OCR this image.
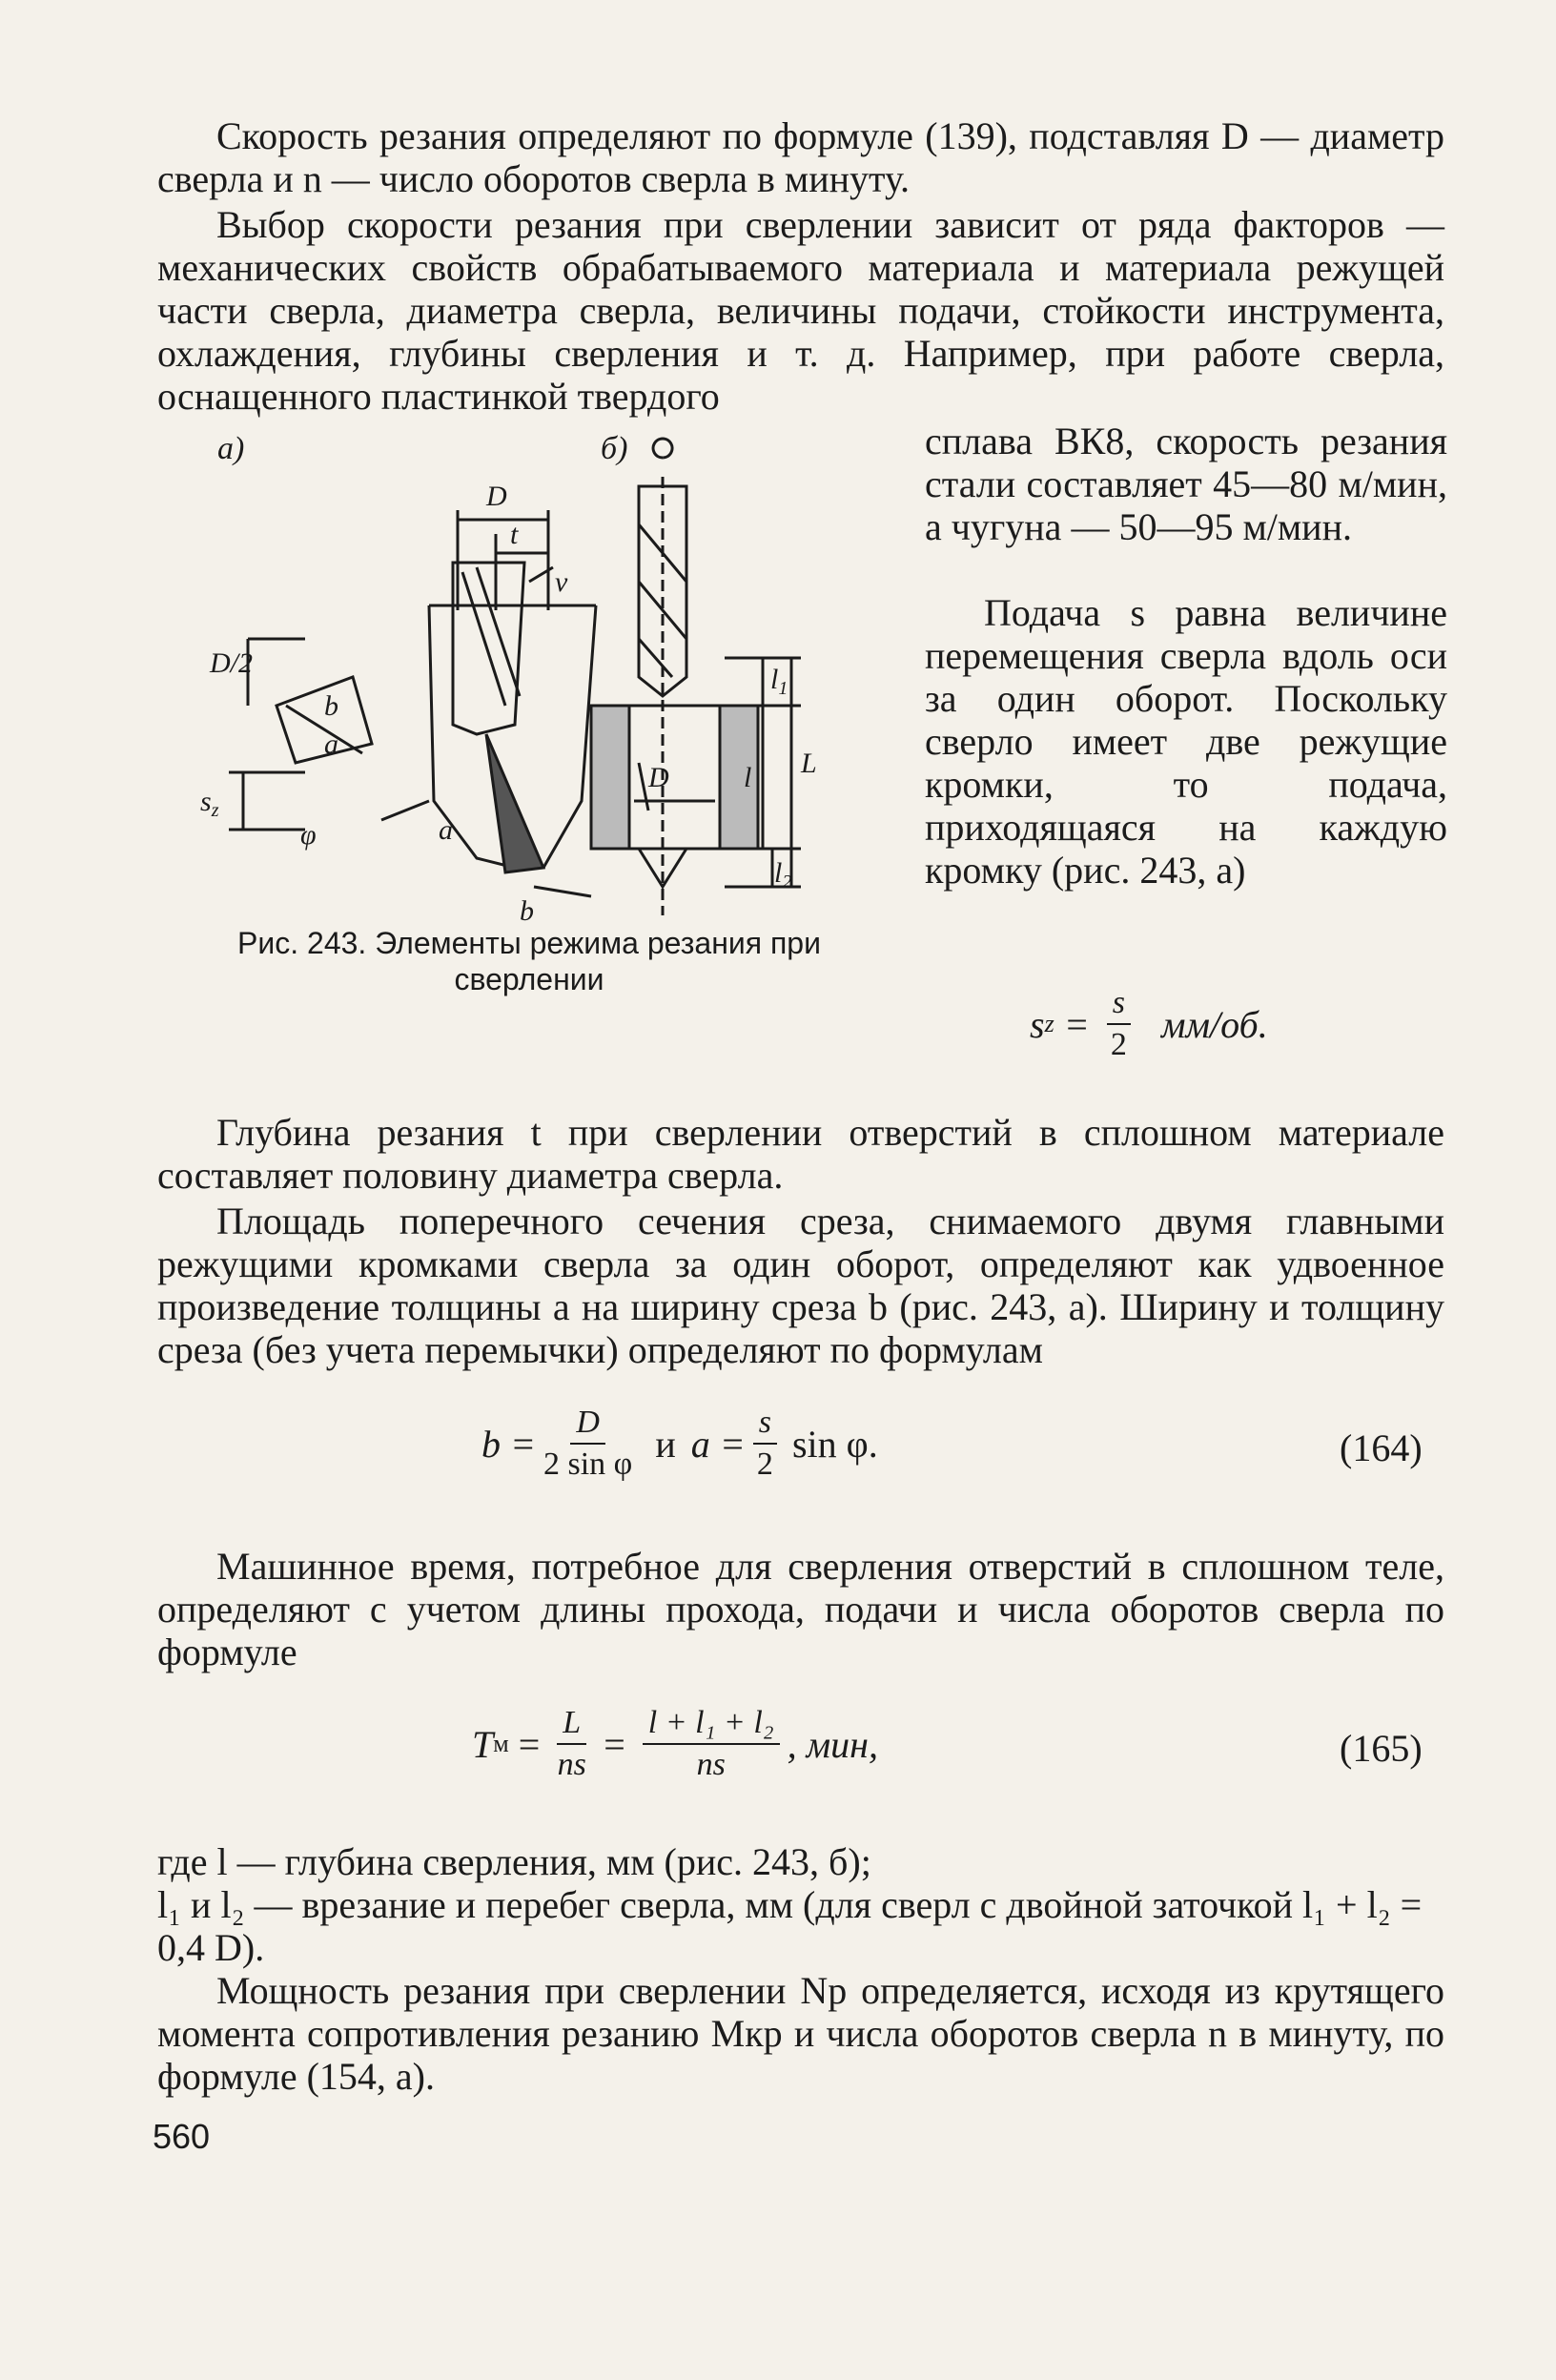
Скорость резания определяют по формуле (139), подставляя D — диаметр сверла и n — число оборотов сверла в минуту.

Выбор скорости резания при сверлении зависит от ряда факторов — механических свойств обрабатываемого материала и материала режущей части сверла, диаметра сверла, величины подачи, стойкости инструмента, охлаждения, глубины сверления и т. д. Например, при работе сверла, оснащенного пластинкой твердого

а)	б)
D
t
v
D/2
$s_z$
b
a
φ
b
a
D
$l_1$
l L
$l_2$

сплава ВК8, скорость резания стали составляет 45—80 м/мин, а чугуна — 50—95 м/мин.

Подача s равна величине перемещения сверла вдоль оси за один оборот. Поскольку сверло имеет две режущие кромки, то подача, приходящаяся на каждую кромку (рис. 243, а)

Рис. 243. Элементы режима резания при сверлении
s $z = \frac{s}{2} мм/об$.

Глубина резания t при сверлении отверстий в сплошном материале составляет половину диаметра сверла.

Площадь поперечного сечения среза, снимаемого двумя главными режущими кромками сверла за один оборот, определяют как удвоенное произведение толщины a на ширину среза b (рис. 243, а). Ширину и толщину среза (без учета перемычки) определяют по формулам

$b = \frac{D}{\text{2 sin φ}}$ и $a = \frac{s}{2}$ sin φ.	(164)

Машинное время, потребное для сверления отверстий в сплошном теле, определяют с учетом длины прохода, подачи и числа оборотов сверла по формуле

T $м = \frac{L}{ns} = \frac{\text{l + l₁ + l₂}}{ns}$ , мин,	(165)
где l — глубина сверления, мм (рис. 243, б);
l₁ и l₂ — врезание и перебег сверла, мм (для сверл с двойной заточкой l₁ + l₂ = 0,4 D).

Мощность резания при сверлении Nр определяется, исходя из крутящего момента сопротивления резанию Mкр и числа оборотов сверла n в минуту, по формуле (154, а).

560
